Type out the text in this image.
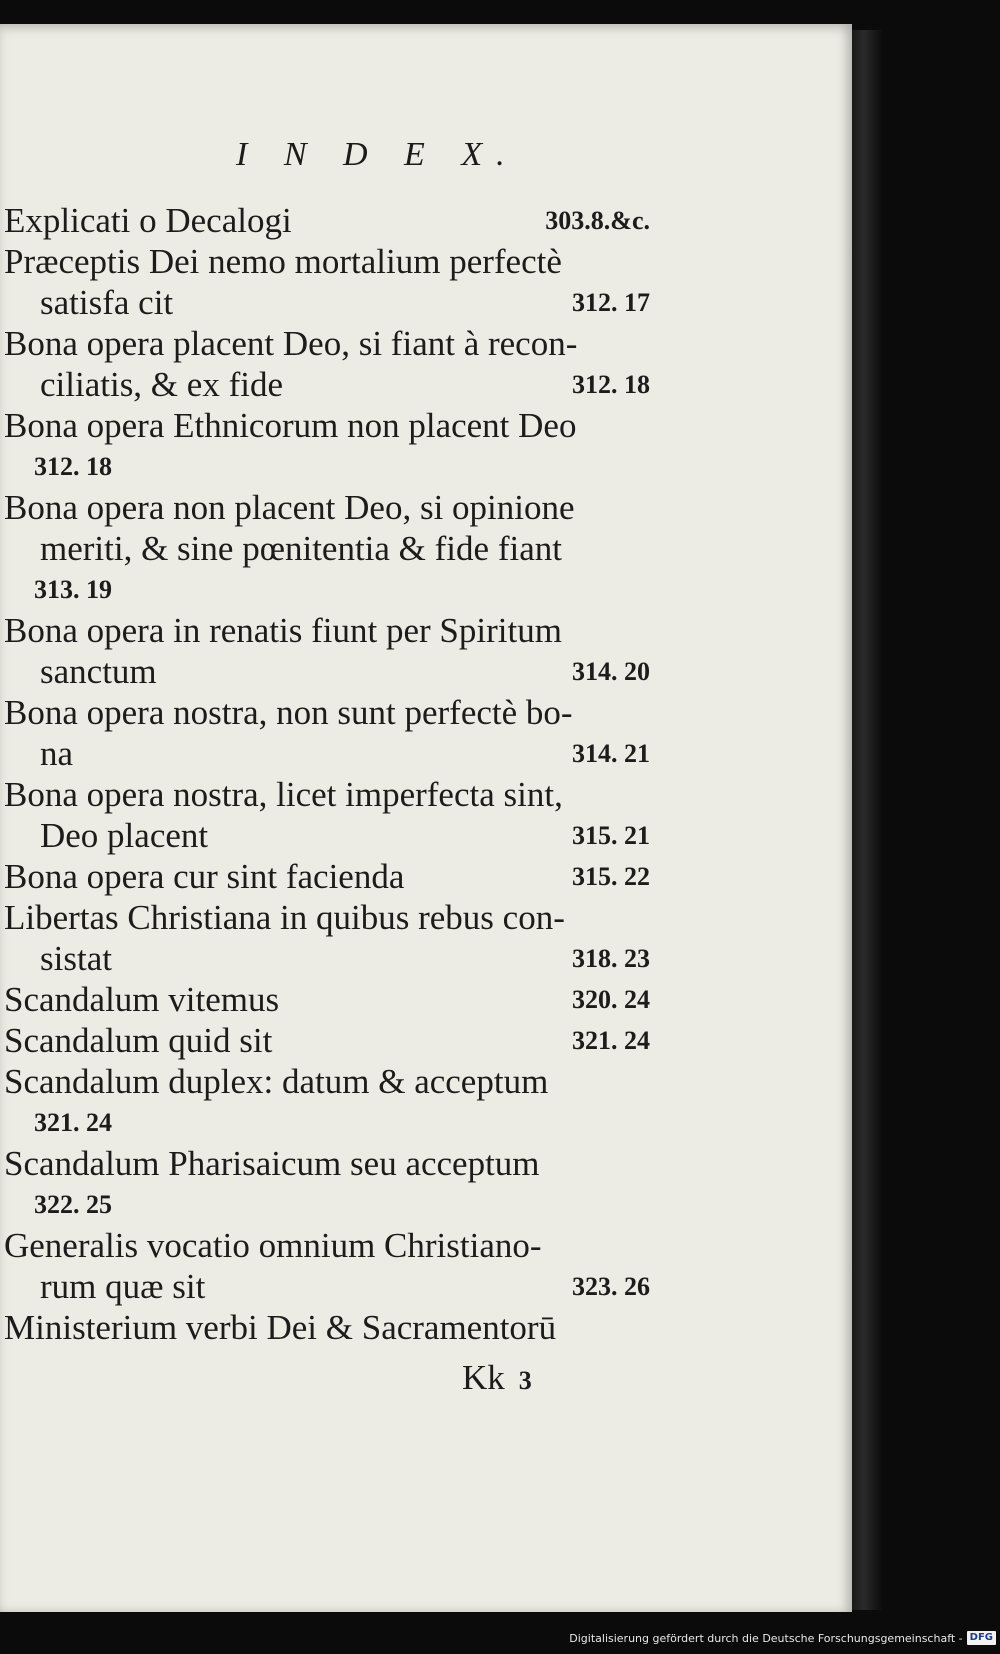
I N D E X.
Explicati o Decalogi	303.8.&c.
Præceptis Dei nemo mortalium perfectè
satisfa cit	312. 17
Bona opera placent Deo, si fiant à recon-
ciliatis, & ex fide	312. 18
Bona opera Ethnicorum non placent Deo
312. 18
Bona opera non placent Deo, si opinione
meriti, & sine pœnitentia & fide fiant
313. 19
Bona opera in renatis fiunt per Spiritum
sanctum	314. 20
Bona opera nostra, non sunt perfectè bo-
na	314. 21
Bona opera nostra, licet imperfecta sint,
Deo placent	315. 21
Bona opera cur sint facienda	315. 22
Libertas Christiana in quibus rebus con-
sistat	318. 23
Scandalum vitemus	320. 24
Scandalum quid sit	321. 24
Scandalum duplex: datum & acceptum
321. 24
Scandalum Pharisaicum seu acceptum
322. 25
Generalis vocatio omnium Christiano-
rum quæ sit	323. 26
Ministerium verbi Dei & Sacramentorū
Kk 3
Digitalisierung gefördert durch die Deutsche Forschungsgemeinschaft - DFG
